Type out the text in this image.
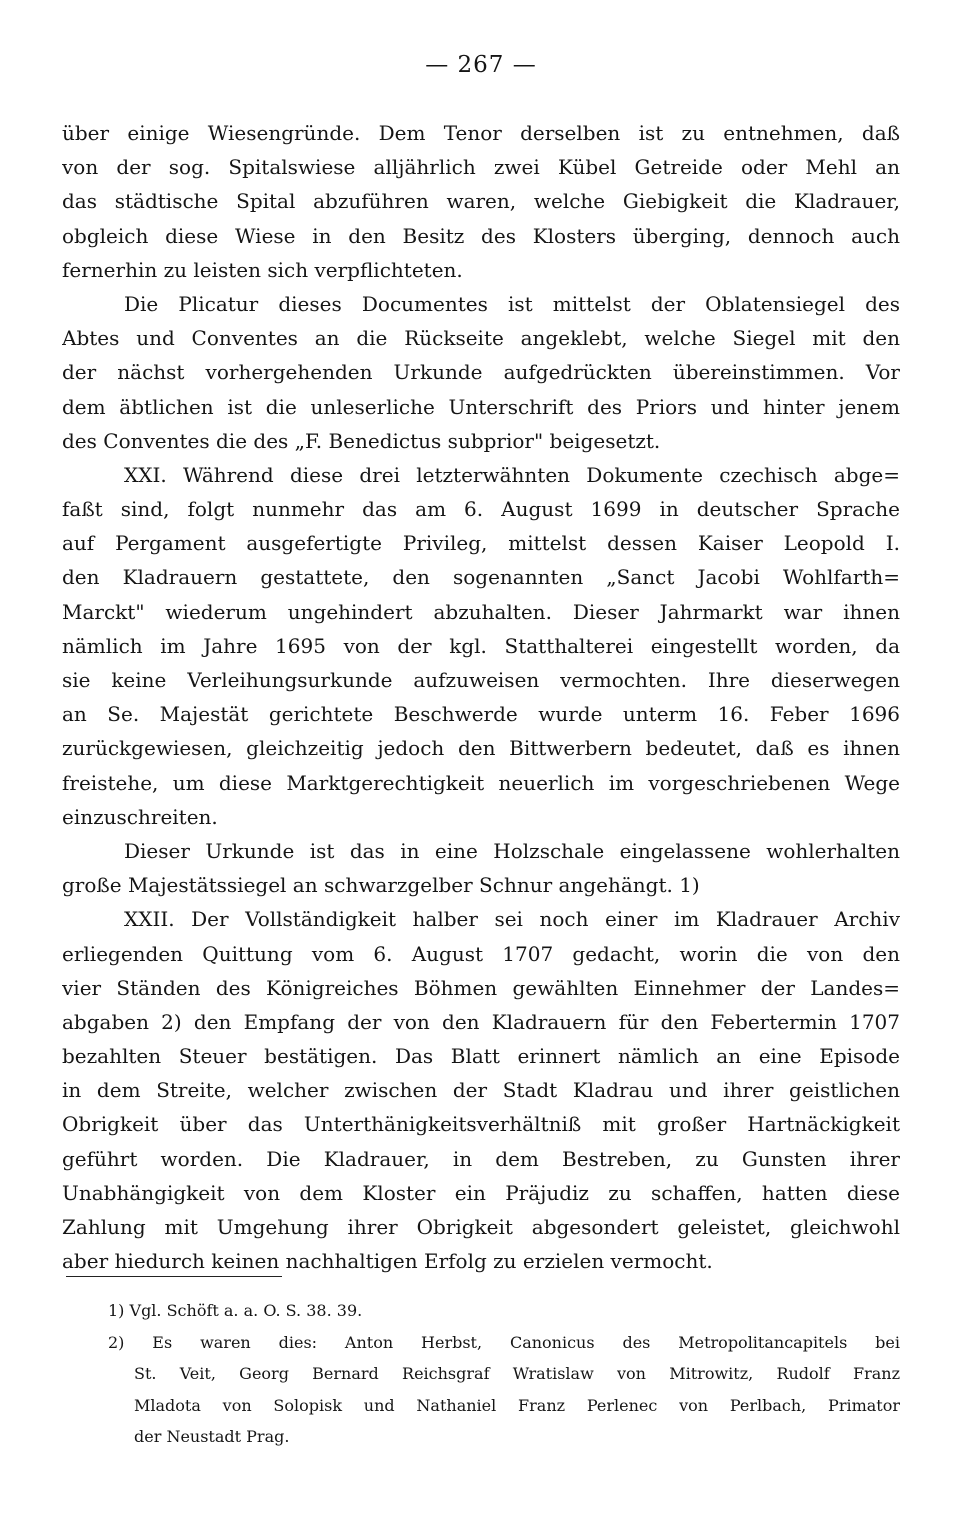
— 267 —
über einige Wiesengründe. Dem Tenor derselben ist zu entnehmen, daß
von der sog. Spitalswiese alljährlich zwei Kübel Getreide oder Mehl an
das städtische Spital abzuführen waren, welche Giebigkeit die Kladrauer,
obgleich diese Wiese in den Besitz des Klosters überging, dennoch auch
fernerhin zu leisten sich verpflichteten.
Die Plicatur dieses Documentes ist mittelst der Oblatensiegel des
Abtes und Conventes an die Rückseite angeklebt, welche Siegel mit den
der nächst vorhergehenden Urkunde aufgedrückten übereinstimmen. Vor
dem äbtlichen ist die unleserliche Unterschrift des Priors und hinter jenem
des Conventes die des „F. Benedictus subprior" beigesetzt.
XXI. Während diese drei letzterwähnten Dokumente czechisch abge=
faßt sind, folgt nunmehr das am 6. August 1699 in deutscher Sprache
auf Pergament ausgefertigte Privileg, mittelst dessen Kaiser Leopold I.
den Kladrauern gestattete, den sogenannten „Sanct Jacobi Wohlfarth=
Marckt" wiederum ungehindert abzuhalten. Dieser Jahrmarkt war ihnen
nämlich im Jahre 1695 von der kgl. Statthalterei eingestellt worden, da
sie keine Verleihungsurkunde aufzuweisen vermochten. Ihre dieserwegen
an Se. Majestät gerichtete Beschwerde wurde unterm 16. Feber 1696
zurückgewiesen, gleichzeitig jedoch den Bittwerbern bedeutet, daß es ihnen
freistehe, um diese Marktgerechtigkeit neuerlich im vorgeschriebenen Wege
einzuschreiten.
Dieser Urkunde ist das in eine Holzschale eingelassene wohlerhalten
große Majestätssiegel an schwarzgelber Schnur angehängt. 1)
XXII. Der Vollständigkeit halber sei noch einer im Kladrauer Archiv
erliegenden Quittung vom 6. August 1707 gedacht, worin die von den
vier Ständen des Königreiches Böhmen gewählten Einnehmer der Landes=
abgaben 2) den Empfang der von den Kladrauern für den Febertermin 1707
bezahlten Steuer bestätigen. Das Blatt erinnert nämlich an eine Episode
in dem Streite, welcher zwischen der Stadt Kladrau und ihrer geistlichen
Obrigkeit über das Unterthänigkeitsverhältniß mit großer Hartnäckigkeit
geführt worden. Die Kladrauer, in dem Bestreben, zu Gunsten ihrer
Unabhängigkeit von dem Kloster ein Präjudiz zu schaffen, hatten diese
Zahlung mit Umgehung ihrer Obrigkeit abgesondert geleistet, gleichwohl
aber hiedurch keinen nachhaltigen Erfolg zu erzielen vermocht.
1) Vgl. Schöft a. a. O. S. 38. 39.
2) Es waren dies: Anton Herbst, Canonicus des Metropolitancapitels bei
St. Veit, Georg Bernard Reichsgraf Wratislaw von Mitrowitz, Rudolf Franz
Mladota von Solopisk und Nathaniel Franz Perlenec von Perlbach, Primator
der Neustadt Prag.
